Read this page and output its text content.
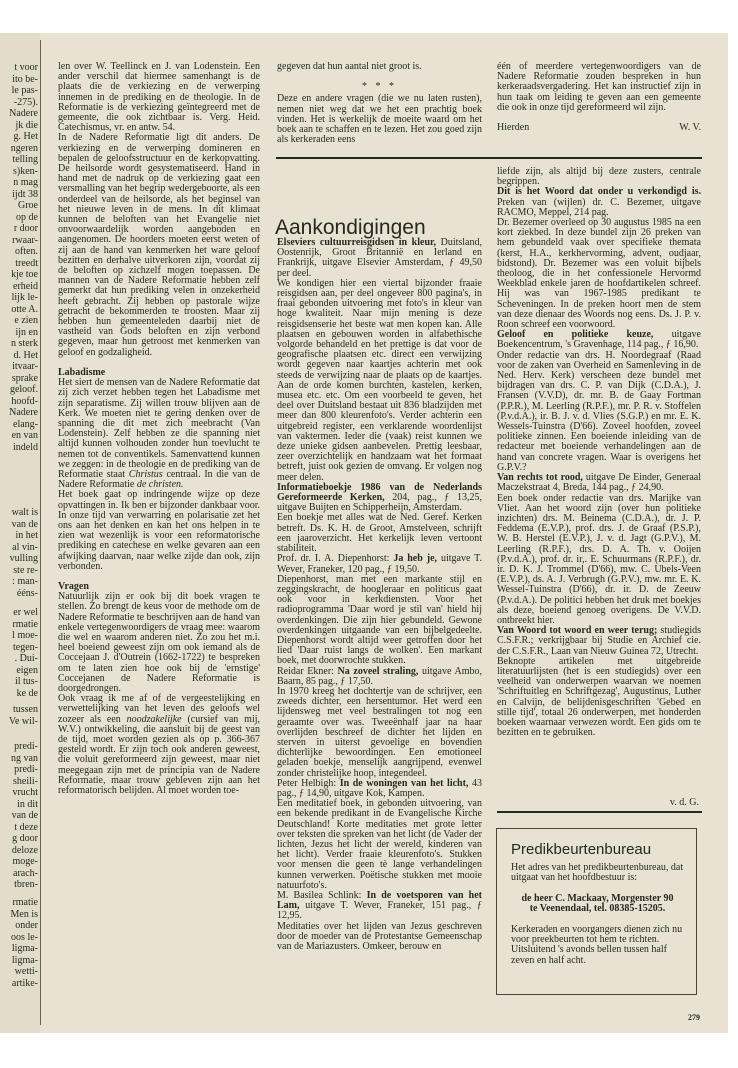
t voor
ito be-
le pas-
-275).
Nadere
jk die
g. Het
ngeren
telling
s)ken-
n mag
ijdt 38
Groe
op de
r door
rwaar-
often.
treedt
kje toe
erheid
lijk le-
otte A.
e zien
ijn en
n sterk
d. Het
itvaar-
sprake
geloof.
hoofd-
Nadere
elang-
en van
indeld
walt is
van de
in het
al vin-
vulling
ste re-
: man-
ééns-
er wel
rmatie
l moe-
tegen-
. Dui-
eigen
il tus-
ke de
tussen
Ve wil-
predi-
ng van
predi-
sheili-
vrucht
in dit
van de
t deze
g door
deloze
moge-
arach-
tbren-
rmatie
Men is
onder
oos le-
ligma-
ligma-
wetti-
artike-

len over W. Teellinck en J. van Lodenstein. Een ander verschil dat hiermee samenhangt is de plaats die de verkiezing en de verwerping innemen in de prediking en de theologie. In de Reformatie is de verkiezing geïntegreerd met de gemeente, die ook zichtbaar is. Verg. Heid. Catechismus, vr. en antw. 54.

In de Nadere Reformatie ligt dit anders. De verkiezing en de verwerping domineren en bepalen de geloofsstructuur en de kerkopvatting. De heilsorde wordt gesystematiseerd. Hand in hand met de nadruk op de verkiezing gaat een versmalling van het begrip wedergeboorte, als een onderdeel van de heilsorde, als het beginsel van het nieuwe leven in de mens. In dit klimaat kunnen de beloften van het Evangelie niet onvoorwaardelijk worden aangeboden en aangenomen. De hoorders moeten eerst weten of zij aan de hand van kenmerken het ware geloof bezitten en derhalve uitverkoren zijn, voordat zij de beloften op zichzelf mogen toepassen. De mannen van de Nadere Reformatie hebben zelf gemerkt dat hun prediking velen in onzekerheid heeft gebracht. Zij hebben op pastorale wijze getracht de bekommerden te troosten. Maar zij hebben hun gemeenteleden daarbij niet de vastheid van Gods beloften en zijn verbond gegeven, maar hun getroost met kenmerken van geloof en godzaligheid.

Labadisme

Het siert de mensen van de Nadere Reformatie dat zij zich verzet hebben tegen het Labadisme met zijn separatisme. Zij willen trouw blijven aan de Kerk. We moeten niet te gering denken over de spanning die dit met zich meebracht (Van Lodenstein). Zelf hebben ze die spanning niet altijd kunnen volhouden zonder hun toevlucht te nemen tot de conventikels. Samenvattend kunnen we zeggen: in de theologie en de prediking van de Reformatie staat Christus centraal. In die van de Nadere Reformatie de christen.

Het boek gaat op indringende wijze op deze opvattingen in. Ik ben er bijzonder dankbaar voor. In onze tijd van verwarring en polarisatie zet het ons aan het denken en kan het ons helpen in te zien wat wezenlijk is voor een reformatorische prediking en catechese en welke gevaren aan een afwijking daarvan, naar welke zijde dan ook, zijn verbonden.

Vragen

Natuurlijk zijn er ook bij dit boek vragen te stellen. Zo brengt de keus voor de methode om de Nadere Reformatie te beschrijven aan de hand van enkele vertegenwoordigers de vraag mee: waarom die wel en waarom anderen niet. Zo zou het m.i. heel boeiend geweest zijn om ook iemand als de Coccejaan J. d'Outrein (1662-1722) te bespreken om te laten zien hoe ook bij de 'ernstige' Coccejanen de Nadere Reformatie is doorgedrongen.

Ook vraag ik me af of de vergeestelijking en verwettelijking van het leven des geloofs wel zozeer als een noodzakelijke (cursief van mij, W.V.) ontwikkeling, die aansluit bij de geest van de tijd, moet worden gezien als op p. 366-367 gesteld wordt. Er zijn toch ook anderen geweest, die voluit gereformeerd zijn geweest, maar niet meegegaan zijn met de principia van de Nadere Reformatie, maar trouw gebleven zijn aan het reformatorisch belijden. Al moet worden toe-

gegeven dat hun aantal niet groot is.

* * *

Deze en andere vragen (die we nu laten rusten), nemen niet weg dat we het een prachtig boek vinden. Het is werkelijk de moeite waard om het boek aan te schaffen en te lezen. Het zou goed zijn als kerkeraden eens

één of meerdere vertegenwoordigers van de Nadere Reformatie zouden bespreken in hun kerkeraadsvergadering. Het kan instructief zijn in hun taak om leiding te geven aan een gemeente die ook in onze tijd gereformeerd wil zijn.

Hierden	W. V.
Aankondigingen

Elseviers cultuurreisgidsen in kleur, Duitsland, Oostenrijk, Groot Britannië en Ierland en Frankrijk, uitgave Elsevier Amsterdam, ƒ 49,50 per deel.

We kondigen hier een viertal bijzonder fraaie reisgidsen aan, per deel ongeveer 800 pagina's, in fraai gebonden uitvoering met foto's in kleur van hoge kwaliteit. Naar mijn mening is deze reisgidsenserie het beste wat men kopen kan. Alle plaatsen en gebouwen worden in alfabethische volgorde behandeld en het prettige is dat voor de geografische plaatsen etc. direct een verwijzing wordt gegeven naar kaartjes achterin met ook steeds de verwijzing naar de plaats op de kaartjes. Aan de orde komen burchten, kastelen, kerken, musea etc. etc. Om een voorbeeld te geven, het deel over Duitsland bestaat uit 836 bladzijden met meer dan 800 kleurenfoto's. Verder achterin een uitgebreid register, een verklarende woordenlijst van vaktermen. Ieder die (vaak) reist kunnen we deze unieke gidsen aanbevelen. Prettig leesbaar, zeer overzichtelijk en handzaam wat het formaat betreft, juist ook gezien de omvang. Er volgen nog meer delen.

Informatieboekje 1986 van de Nederlands Gereformeerde Kerken, 204, pag., ƒ 13,25, uitgave Buijten en Schipperheijn, Amsterdam.

Een boekje met alles wat de Ned. Geref. Kerken betreft. Ds. K. H. de Groot, Amstelveen, schrijft een jaaroverzicht. Het kerkelijk leven vertoont stabiliteit.

Prof. dr. I. A. Diepenhorst: Ja heb je, uitgave T. Wever, Franeker, 120 pag., ƒ 19,50.

Diepenhorst, man met een markante stijl en zeggingskracht, de hoogleraar en politicus gaat ook voor in kerkdiensten. Voor het radioprogramma 'Daar word je stil van' hield hij overdenkingen. Die zijn hier gebundeld. Gewone overdenkingen uitgaande van een bijbelgedeelte. Diepenhorst wordt altijd weer getroffen door het lied 'Daar ruist langs de wolken'. Een markant boek, met doorwrochte stukken.

Reidar Ekner: Na zoveel straling, uitgave Ambo, Baarn, 85 pag., ƒ 17,50.

In 1970 kreeg het dochtertje van de schrijver, een zweeds dichter, een hersentumor. Het werd een lijdensweg met veel bestralingen tot nog een geraamte over was. Tweeënhalf jaar na haar overlijden beschreef de dichter het lijden en sterven in uiterst gevoelige en bovendien dichterlijke bewoordingen. Een emotioneel geladen boekje, menselijk aangrijpend, evenwel zonder christelijke hoop, integendeel.

Peter Helbigh: In de woningen van het licht, 43 pag., ƒ 14,90, uitgave Kok, Kampen.

Een meditatief boek, in gebonden uitvoering, van een bekende predikant in de Evangelische Kirche Deutschland! Korte meditaties met grote letter over teksten die spreken van het licht (de Vader der lichten, Jezus het licht der wereld, kinderen van het licht). Verder fraaie kleurenfoto's. Stukken voor mensen die geen tè lange verhandelingen kunnen verwerken. Poëtische stukken met mooie natuurfoto's.

M. Basilea Schlink: In de voetsporen van het Lam, uitgave T. Wever, Franeker, 151 pag., ƒ 12,95.

Meditaties over het lijden van Jezus geschreven door de moeder van de Protestantse Gemeenschap van de Mariazusters. Omkeer, berouw en

liefde zijn, als altijd bij deze zusters, centrale begrippen.

Dit is het Woord dat onder u verkondigd is. Preken van (wijlen) dr. C. Bezemer, uitgave RACMO, Meppel, 214 pag.

Dr. Bezemer overleed op 30 augustus 1985 na een kort ziekbed. In deze bundel zijn 26 preken van hem gebundeld vaak over specifieke themata (kerst, H.A., kerkhervorming, advent, oudjaar, bidstond). Dr. Bezemer was een voluit bijbels theoloog, die in het confessionele Hervormd Weekblad enkele jaren de hoofdartikelen schreef. Hij was van 1967-1985 predikant te Scheveningen. In de preken hoort men de stem van deze dienaar des Woords nog eens. Ds. J. P. v. Roon schreef een voorwoord.

Geloof en politieke keuze, uitgave Boekencentrum, 's Gravenhage, 114 pag., ƒ 16,90.

Onder redactie van drs. H. Noordegraaf (Raad voor de zaken van Overheid en Samenleving in de Ned. Herv. Kerk) verscheen deze bundel met bijdragen van drs. C. P. van Dijk (C.D.A.), J. Fransen (V.V.D), dr. mr. B. de Gaay Fortman (P.P.R.), M. Leerling (R.P.F.), mr. P. R. v. Stoffelen (P.v.d.A.), ir. B. J. v. d. Vlies (S.G.P.) en mr. E. K. Wessels-Tuinstra (D'66). Zoveel hoofden, zoveel politieke zinnen. Een boeiende inleiding van de redacteur met boeiende verhandelingen aan de hand van concrete vragen. Waar is overigens het G.P.V.?

Van rechts tot rood, uitgave De Einder, Generaal Maczekstraat 4, Breda, 144 pag., ƒ 24,90.

Een boek onder redactie van drs. Marijke van Vliet. Aan het woord zijn (over hun politieke inzichten) drs. M. Beinema (C.D.A.), dr. J. P. Feddema (E.V.P.), prof. drs. J. de Graaf (P.S.P.), W. B. Herstel (E.V.P.), J. v. d. Jagt (G.P.V.), M. Leerling (R.P.F.), drs. D. A. Th. v. Ooijen (P.v.d.A.), prof. dr. ir,. E. Schuurmans (R.P.F.), dr. ir. D. K. J. Trommel (D'66), mw. C. Ubels-Veen (E.V.P.), ds. A. J. Verbrugh (G.P.V.), mw. mr. E. K. Wessel-Tuinstra (D'66), dr. ir. D. de Zeeuw (P.v.d.A.). De politici hebben het druk met boekjes als deze, boeiend genoeg overigens. De V.V.D. ontbreekt hier.

Van Woord tot woord en weer terug; studiegids C.S.F.R.; verkrijgbaar bij Studie en Archief cie. der C.S.F.R., Laan van Nieuw Guinea 72, Utrecht.

Beknopte artikelen met uitgebreide literatuurlijsten (het is een studiegids) over een veelheid van onderwerpen waarvan we noemen 'Schriftuitleg en Schriftgezag', Augustinus, Luther en Calvijn, de belijdenisgeschriften 'Gebed en stille tijd', totaal 26 onderwerpen, met honderden boeken waarnaar verwezen wordt. Een gids om te bezitten en te gebruiken.

v. d. G.
Predikbeurtenbureau
Het adres van het predikbeurtenbureau, dat uitgaat van het hoofdbestuur is:
de heer C. Mackaay, Morgenster 90
te Veenendaal, tel. 08385-15205.
Kerkeraden en voorgangers dienen zich nu voor preekbeurten tot hem te richten. Uitsluitend 's avonds bellen tussen half zeven en half acht.
279
